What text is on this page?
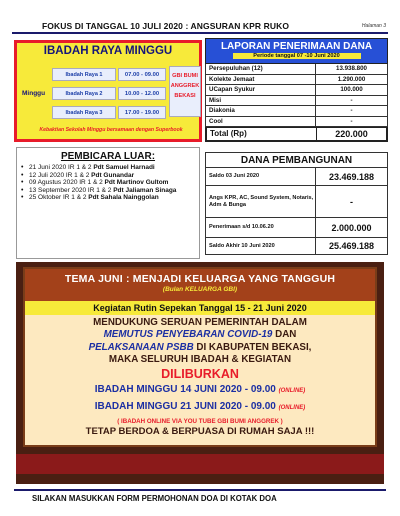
FOKUS DI TANGGAL 10 JULI 2020 : ANGSURAN KPR RUKO	Halaman 3
IBADAH RAYA MINGGU
Minggu
Ibadah Raya 1	07.00 - 09.00
Ibadah Raya 2	10.00 - 12.00
Ibadah Raya 3	17.00 - 19.00
GBI BUMI ANGGREK BEKASI
Kebaktian Sekolah Minggu bersamaan dengan Superbook
LAPORAN PENERIMAAN DANA
Periode tanggal 07 -10 Juni 2020
Persepuluhan (12)	13.938.800
Kolekte Jemaat	1.290.000
UCapan Syukur	100.000
Misi	-
Diakonia	-
Cool	-
Total (Rp)	220.000
DANA PEMBANGUNAN
Saldo 03 Juni 2020	23.469.188
Angs KPR, AC, Sound System, Notaris, Adm & Bunga	-
Penerimaan s/d 10.06.20	2.000.000
Saldo Akhir 10 Juni 2020	25.469.188
PEMBICARA LUAR:
• 21 Juni 2020 IR 1 & 2 Pdt Samuel Harnadi
• 12 Juli 2020 IR 1 & 2 Pdt Gunandar
• 09 Agustus 2020 IR 1 & 2 Pdt Martinov Gultom
• 13 September 2020 IR 1 & 2 Pdt Jaliaman Sinaga
• 25 Oktober IR 1 & 2 Pdt Sahala Nainggolan
TEMA JUNI : MENJADI KELUARGA YANG TANGGUH
(Bulan KELUARGA GBI)
Kegiatan Rutin Sepekan Tanggal 15 - 21 Juni 2020
MENDUKUNG SERUAN PEMERINTAH DALAM
MEMUTUS PENYEBARAN COVID-19 DAN
PELAKSANAAN PSBB DI KABUPATEN BEKASI,
MAKA SELURUH IBADAH & KEGIATAN
DILIBURKAN
IBADAH MINGGU 14 JUNI 2020 - 09.00 (ONLINE)
IBADAH MINGGU 21 JUNI 2020 - 09.00 (ONLINE)
( IBADAH ONLINE VIA YOU TUBE GBI BUMI ANGGREK )
TETAP BERDOA & BERPUASA DI RUMAH SAJA !!!
SILAKAN MASUKKAN FORM PERMOHONAN DOA DI KOTAK DOA
